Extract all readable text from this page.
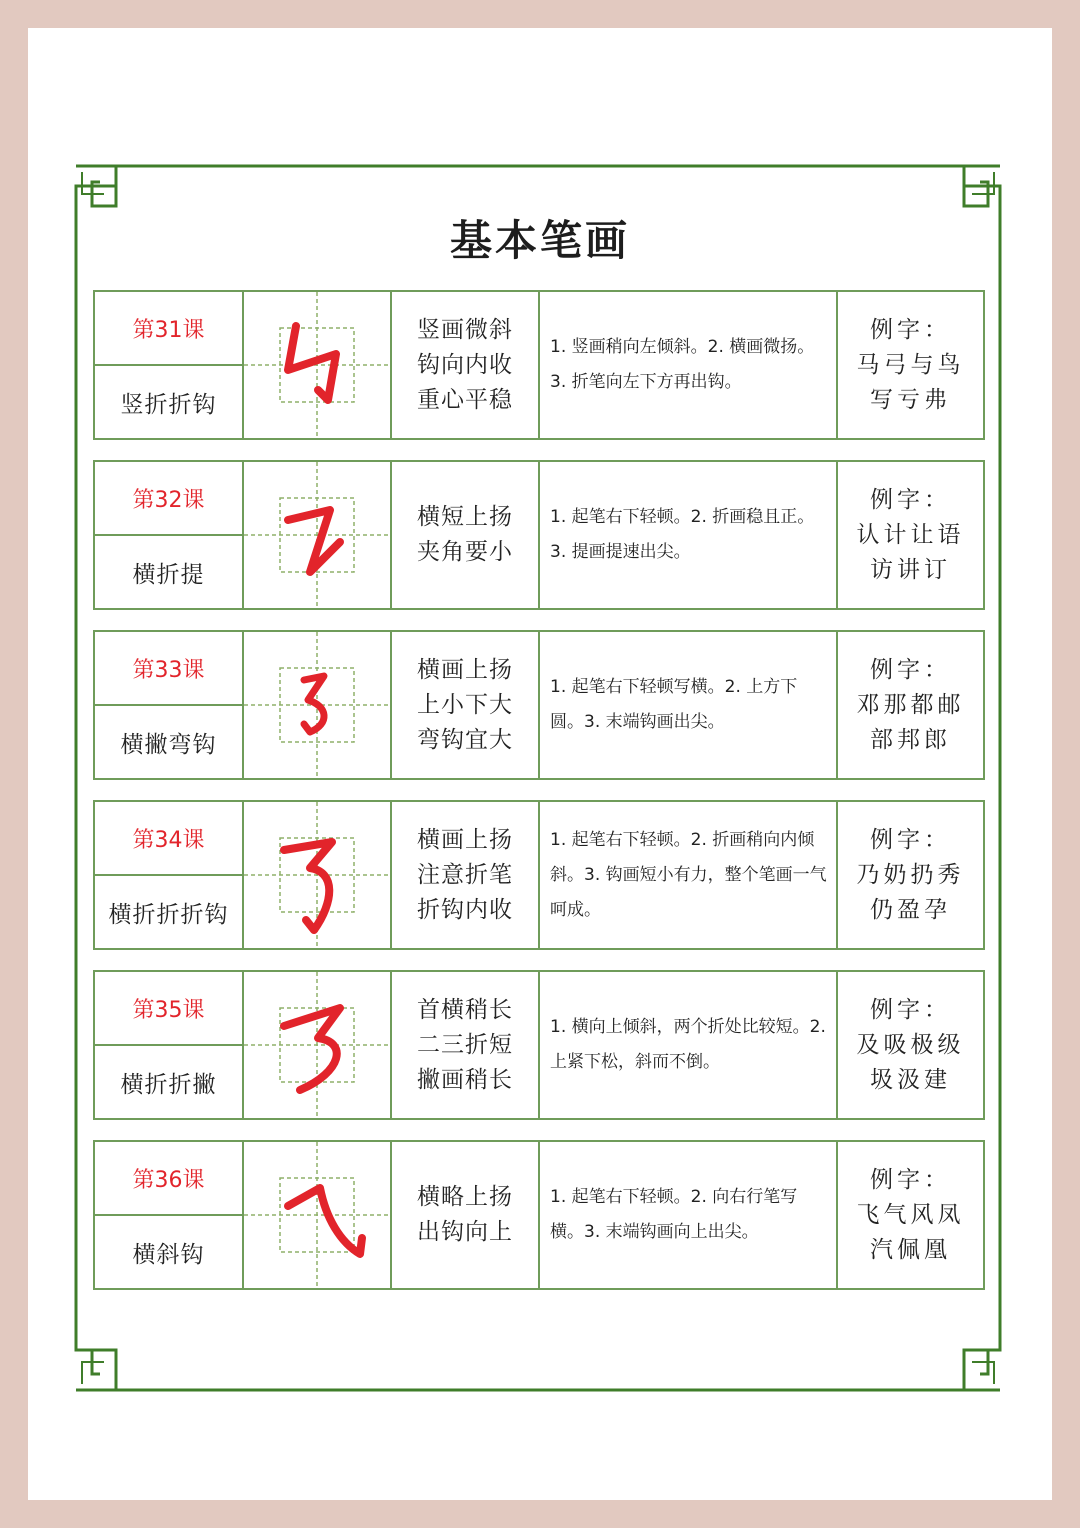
基本笔画
第31课
竖折折钩
竖画微斜
钩向内收
重心平稳
1. 竖画稍向左倾斜。2. 横画微扬。3. 折笔向左下方再出钩。
例字：
马弓与鸟
写亏弗
第32课
横折提
横短上扬
夹角要小
1. 起笔右下轻顿。2. 折画稳且正。3. 提画提速出尖。
例字：
认计让语
访讲订
第33课
横撇弯钩
横画上扬
上小下大
弯钩宜大
1. 起笔右下轻顿写横。2. 上方下圆。3. 末端钩画出尖。
例字：
邓那都邮
部邦郎
第34课
横折折折钩
横画上扬
注意折笔
折钩内收
1. 起笔右下轻顿。2. 折画稍向内倾斜。3. 钩画短小有力，整个笔画一气呵成。
例字：
乃奶扔秀
仍盈孕
第35课
横折折撇
首横稍长
二三折短
撇画稍长
1. 横向上倾斜，两个折处比较短。2. 上紧下松，斜而不倒。
例字：
及吸极级
圾汲建
第36课
横斜钩
横略上扬
出钩向上
1. 起笔右下轻顿。2. 向右行笔写横。3. 末端钩画向上出尖。
例字：
飞气风凤
汽佩凰
